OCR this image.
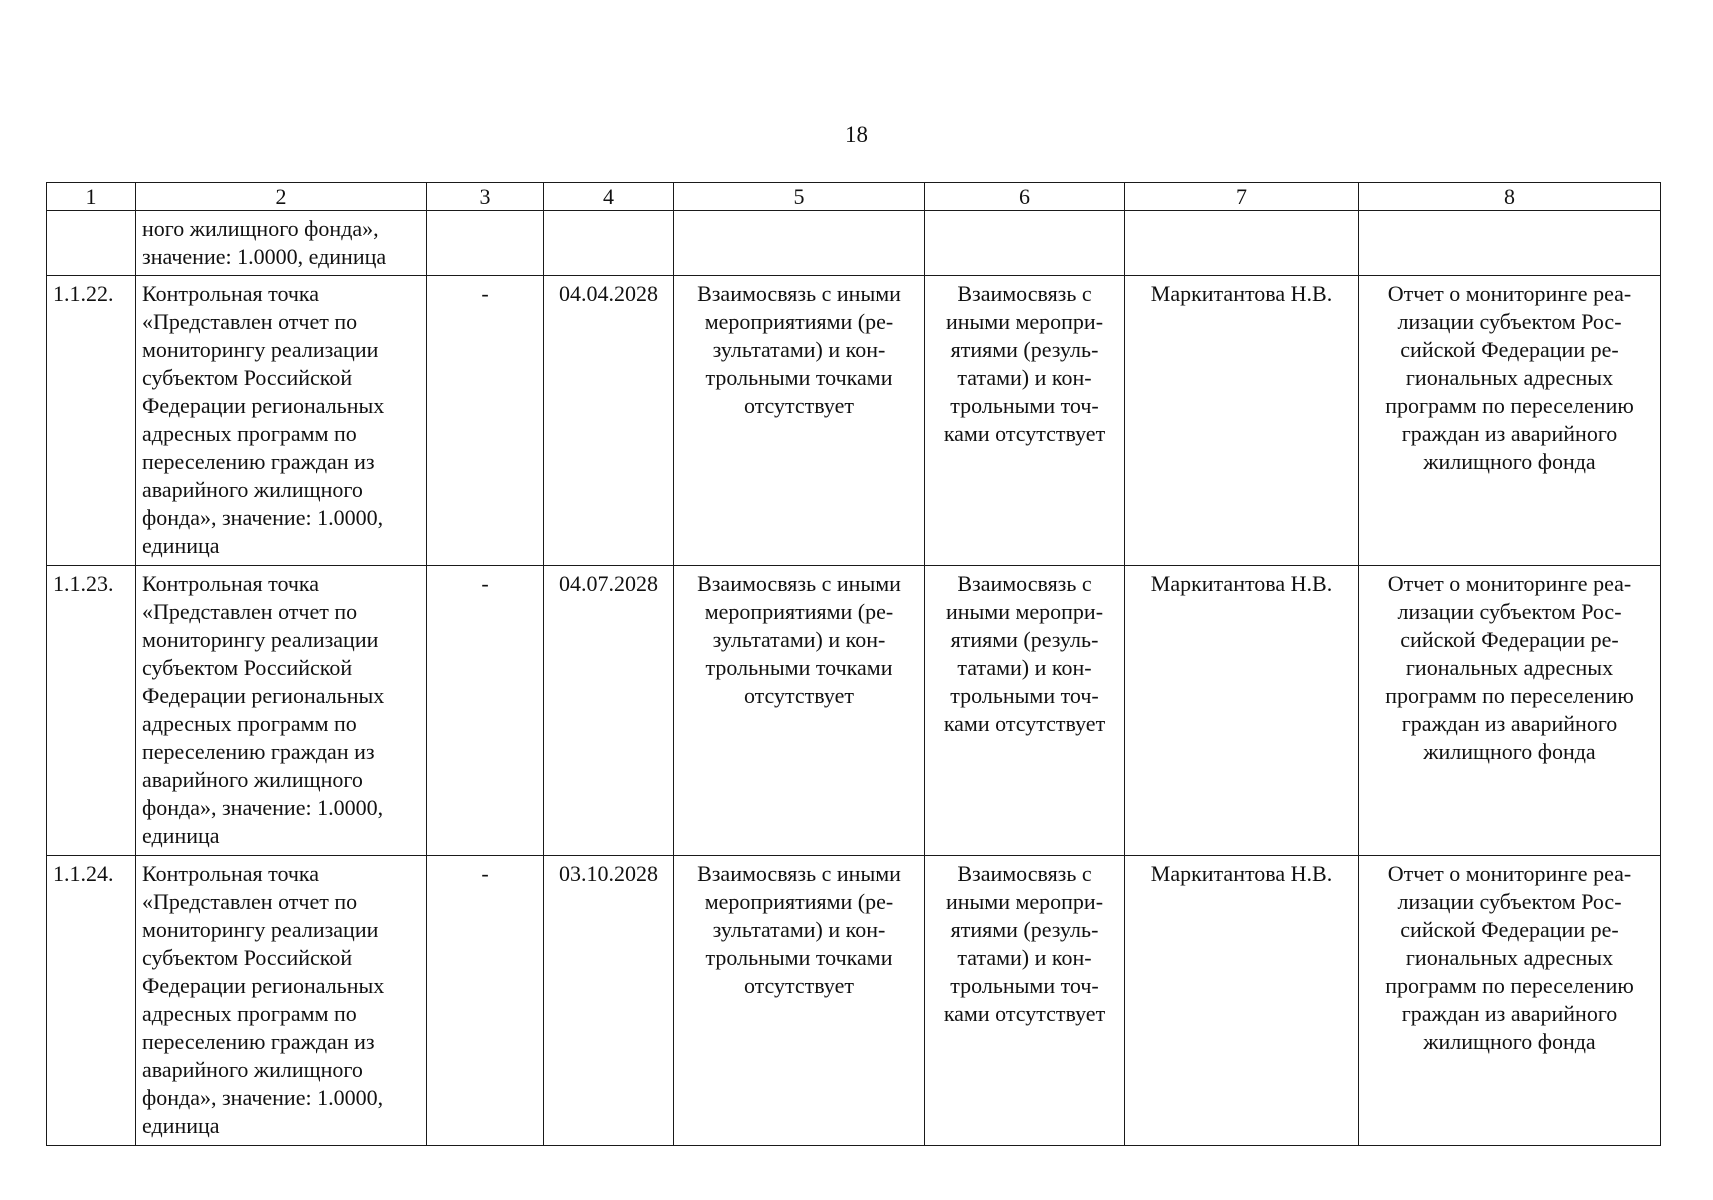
18
1	2	3	4	5	6	7	8
	ного жилищного фонда», значение: 1.0000, единица						
1.1.22.	Контрольная точка «Представлен отчет по мониторингу реализации субъектом Российской Федерации региональных адресных программ по переселению граждан из аварийного жилищного фонда», значение: 1.0000, единица	-	04.04.2028	Взаимосвязь с иными мероприятиями (ре-зультатами) и кон-трольными точками отсутствует	Взаимосвязь с иными меропри-ятиями (резуль-татами) и кон-трольными точ-ками отсутствует	Маркитантова Н.В.	Отчет о мониторинге реа-лизации субъектом Рос-сийской Федерации ре-гиональных адресных программ по переселению граждан из аварийного жилищного фонда
1.1.23.	Контрольная точка «Представлен отчет по мониторингу реализации субъектом Российской Федерации региональных адресных программ по переселению граждан из аварийного жилищного фонда», значение: 1.0000, единица	-	04.07.2028	Взаимосвязь с иными мероприятиями (ре-зультатами) и кон-трольными точками отсутствует	Взаимосвязь с иными меропри-ятиями (резуль-татами) и кон-трольными точ-ками отсутствует	Маркитантова Н.В.	Отчет о мониторинге реа-лизации субъектом Рос-сийской Федерации ре-гиональных адресных программ по переселению граждан из аварийного жилищного фонда
1.1.24.	Контрольная точка «Представлен отчет по мониторингу реализации субъектом Российской Федерации региональных адресных программ по переселению граждан из аварийного жилищного фонда», значение: 1.0000, единица	-	03.10.2028	Взаимосвязь с иными мероприятиями (ре-зультатами) и кон-трольными точками отсутствует	Взаимосвязь с иными меропри-ятиями (резуль-татами) и кон-трольными точ-ками отсутствует	Маркитантова Н.В.	Отчет о мониторинге реа-лизации субъектом Рос-сийской Федерации ре-гиональных адресных программ по переселению граждан из аварийного жилищного фонда
